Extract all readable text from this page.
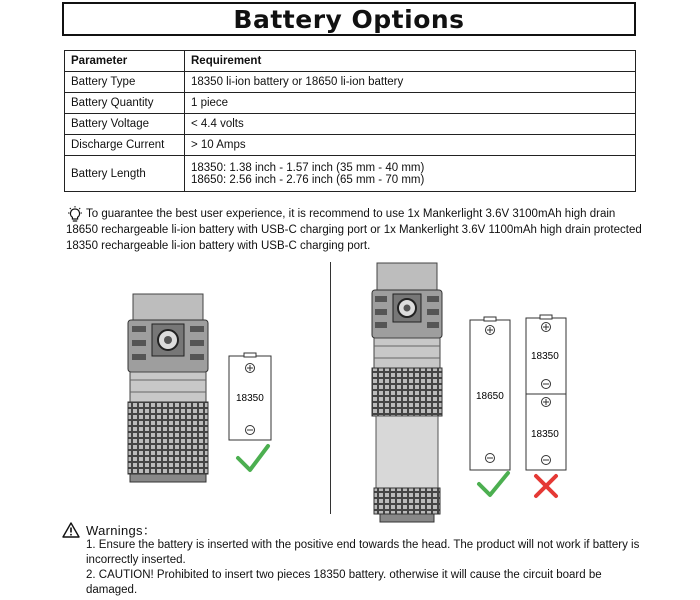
Battery Options
Parameter	Requirement
Battery Type	18350 li-ion battery or 18650 li-ion battery
Battery Quantity	1 piece
Battery Voltage	< 4.4 volts
Discharge Current	> 10 Amps
Battery Length	18350: 1.38 inch - 1.57 inch (35 mm - 40 mm)
18650: 2.56 inch - 2.76 inch (65 mm - 70 mm)
To guarantee the best user experience, it is recommend to use 1x Mankerlight 3.6V 3100mAh high drain 18650 rechargeable li-ion battery with USB-C charging port or 1x Mankerlight 3.6V 1100mAh high drain protected 18350 rechargeable li-ion battery with USB-C charging port.
18350	18650
18350
18350
Warnings：

1. Ensure the battery is inserted with the positive end towards the head. The product will not work if battery is incorrectly inserted.

2. CAUTION! Prohibited to insert two pieces 18350 battery. otherwise it will cause the circuit board be damaged.
